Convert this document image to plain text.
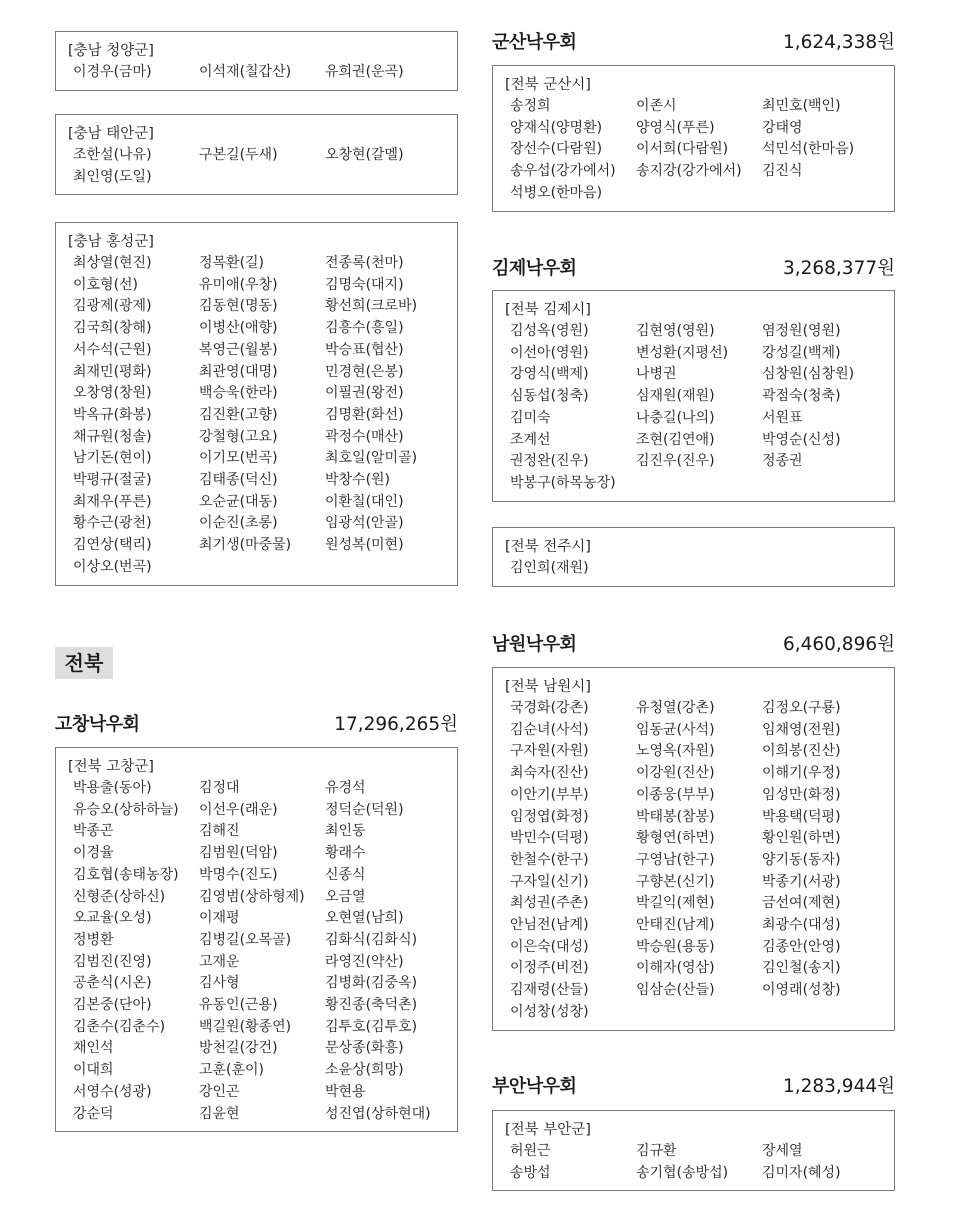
[충남 청양군]
이경우(금마)	이석재(칠갑산)	유희권(운곡)
[충남 태안군]
조한설(나유)	구본길(두새)	오창현(갈멜)
최인영(도일)
[충남 홍성군]
최상열(현진)	정목환(길)	전종록(천마)
이호형(선)	유미애(우창)	김명숙(대지)
김광제(광제)	김동현(명동)	황선희(크로바)
김국희(창해)	이병산(애향)	김흥수(흥일)
서수석(근원)	복영근(월봉)	박승표(협산)
최재민(평화)	최관영(대명)	민경현(은봉)
오창영(창원)	백승욱(한라)	이필권(왕전)
박옥규(화봉)	김진환(고향)	김명환(화선)
채규원(청솔)	강철형(고요)	곽정수(매산)
남기돈(현이)	이기모(번곡)	최호일(알미골)
박평규(절굴)	김태종(덕신)	박창수(원)
최재우(푸른)	오순균(대동)	이환칠(대인)
황수근(광천)	이순진(초롱)	임광석(안골)
김연상(택리)	최기생(마중물)	원성복(미현)
이상오(번곡)
전북
고창낙우회	17,296,265원
[전북 고창군]
박용출(동아)	김정대	유경석
유승오(상하하늘)	이선우(래운)	정덕순(덕원)
박종곤	김해진	최인동
이경율	김범원(덕암)	황래수
김호협(송태농장)	박명수(진도)	신종식
신형준(상하신)	김영범(상하형제)	오금열
오교율(오성)	이재평	오현열(남희)
정병환	김병길(오목골)	김화식(김화식)
김범진(진영)	고재운	라영진(약산)
공춘식(시온)	김사형	김병화(김중옥)
김본중(단아)	유동인(근용)	황진종(축덕촌)
김춘수(김춘수)	백길원(황종연)	김투호(김투호)
채인석	방천길(강건)	문상종(화흥)
이대희	고훈(훈이)	소윤상(희망)
서영수(성광)	강인곤	박현용
강순덕	김윤현	성진엽(상하현대)
군산낙우회	1,624,338원
[전북 군산시]
송정희	이존시	최민호(백인)
양재식(양명환)	양영식(푸른)	강태영
장선수(다람원)	이서희(다람원)	석민석(한마음)
송우섭(강가에서)	송지강(강가에서)	김진식
석병오(한마음)
김제낙우회	3,268,377원
[전북 김제시]
김성옥(영원)	김현영(영원)	염정원(영원)
이선아(영원)	변성환(지평선)	강성길(백제)
강영식(백제)	나병권	심창원(심창원)
심동섭(청축)	심재원(재원)	곽점숙(청축)
김미숙	나충길(나의)	서원표
조계선	조현(김연애)	박영순(신성)
권정완(진우)	김진우(진우)	정종권
박봉구(하목농장)
[전북 전주시]
김인희(재원)
남원낙우회	6,460,896원
[전북 남원시]
국경화(강촌)	유청열(강촌)	김정오(구룡)
김순녀(사석)	임동균(사석)	임채영(전원)
구자원(자원)	노영옥(자원)	이희봉(진산)
최숙자(진산)	이강원(진산)	이해기(우정)
이안기(부부)	이종웅(부부)	임성만(화정)
임정엽(화정)	박태봉(참봉)	박용택(덕평)
박민수(덕평)	황형연(하면)	황인원(하면)
한철수(한구)	구영남(한구)	양기동(동자)
구자일(신기)	구향본(신기)	박종기(서광)
최성권(주촌)	박길익(제현)	금선여(제현)
안님전(남계)	안태진(남계)	최광수(대성)
이은숙(대성)	박승원(용동)	김종안(안영)
이정주(비전)	이해자(영삼)	김인철(송지)
김재령(산들)	임삼순(산들)	이영래(성창)
이성창(성창)
부안낙우회	1,283,944원
[전북 부안군]
허원근	김규환	장세열
송방섭	송기협(송방섭)	김미자(혜성)
